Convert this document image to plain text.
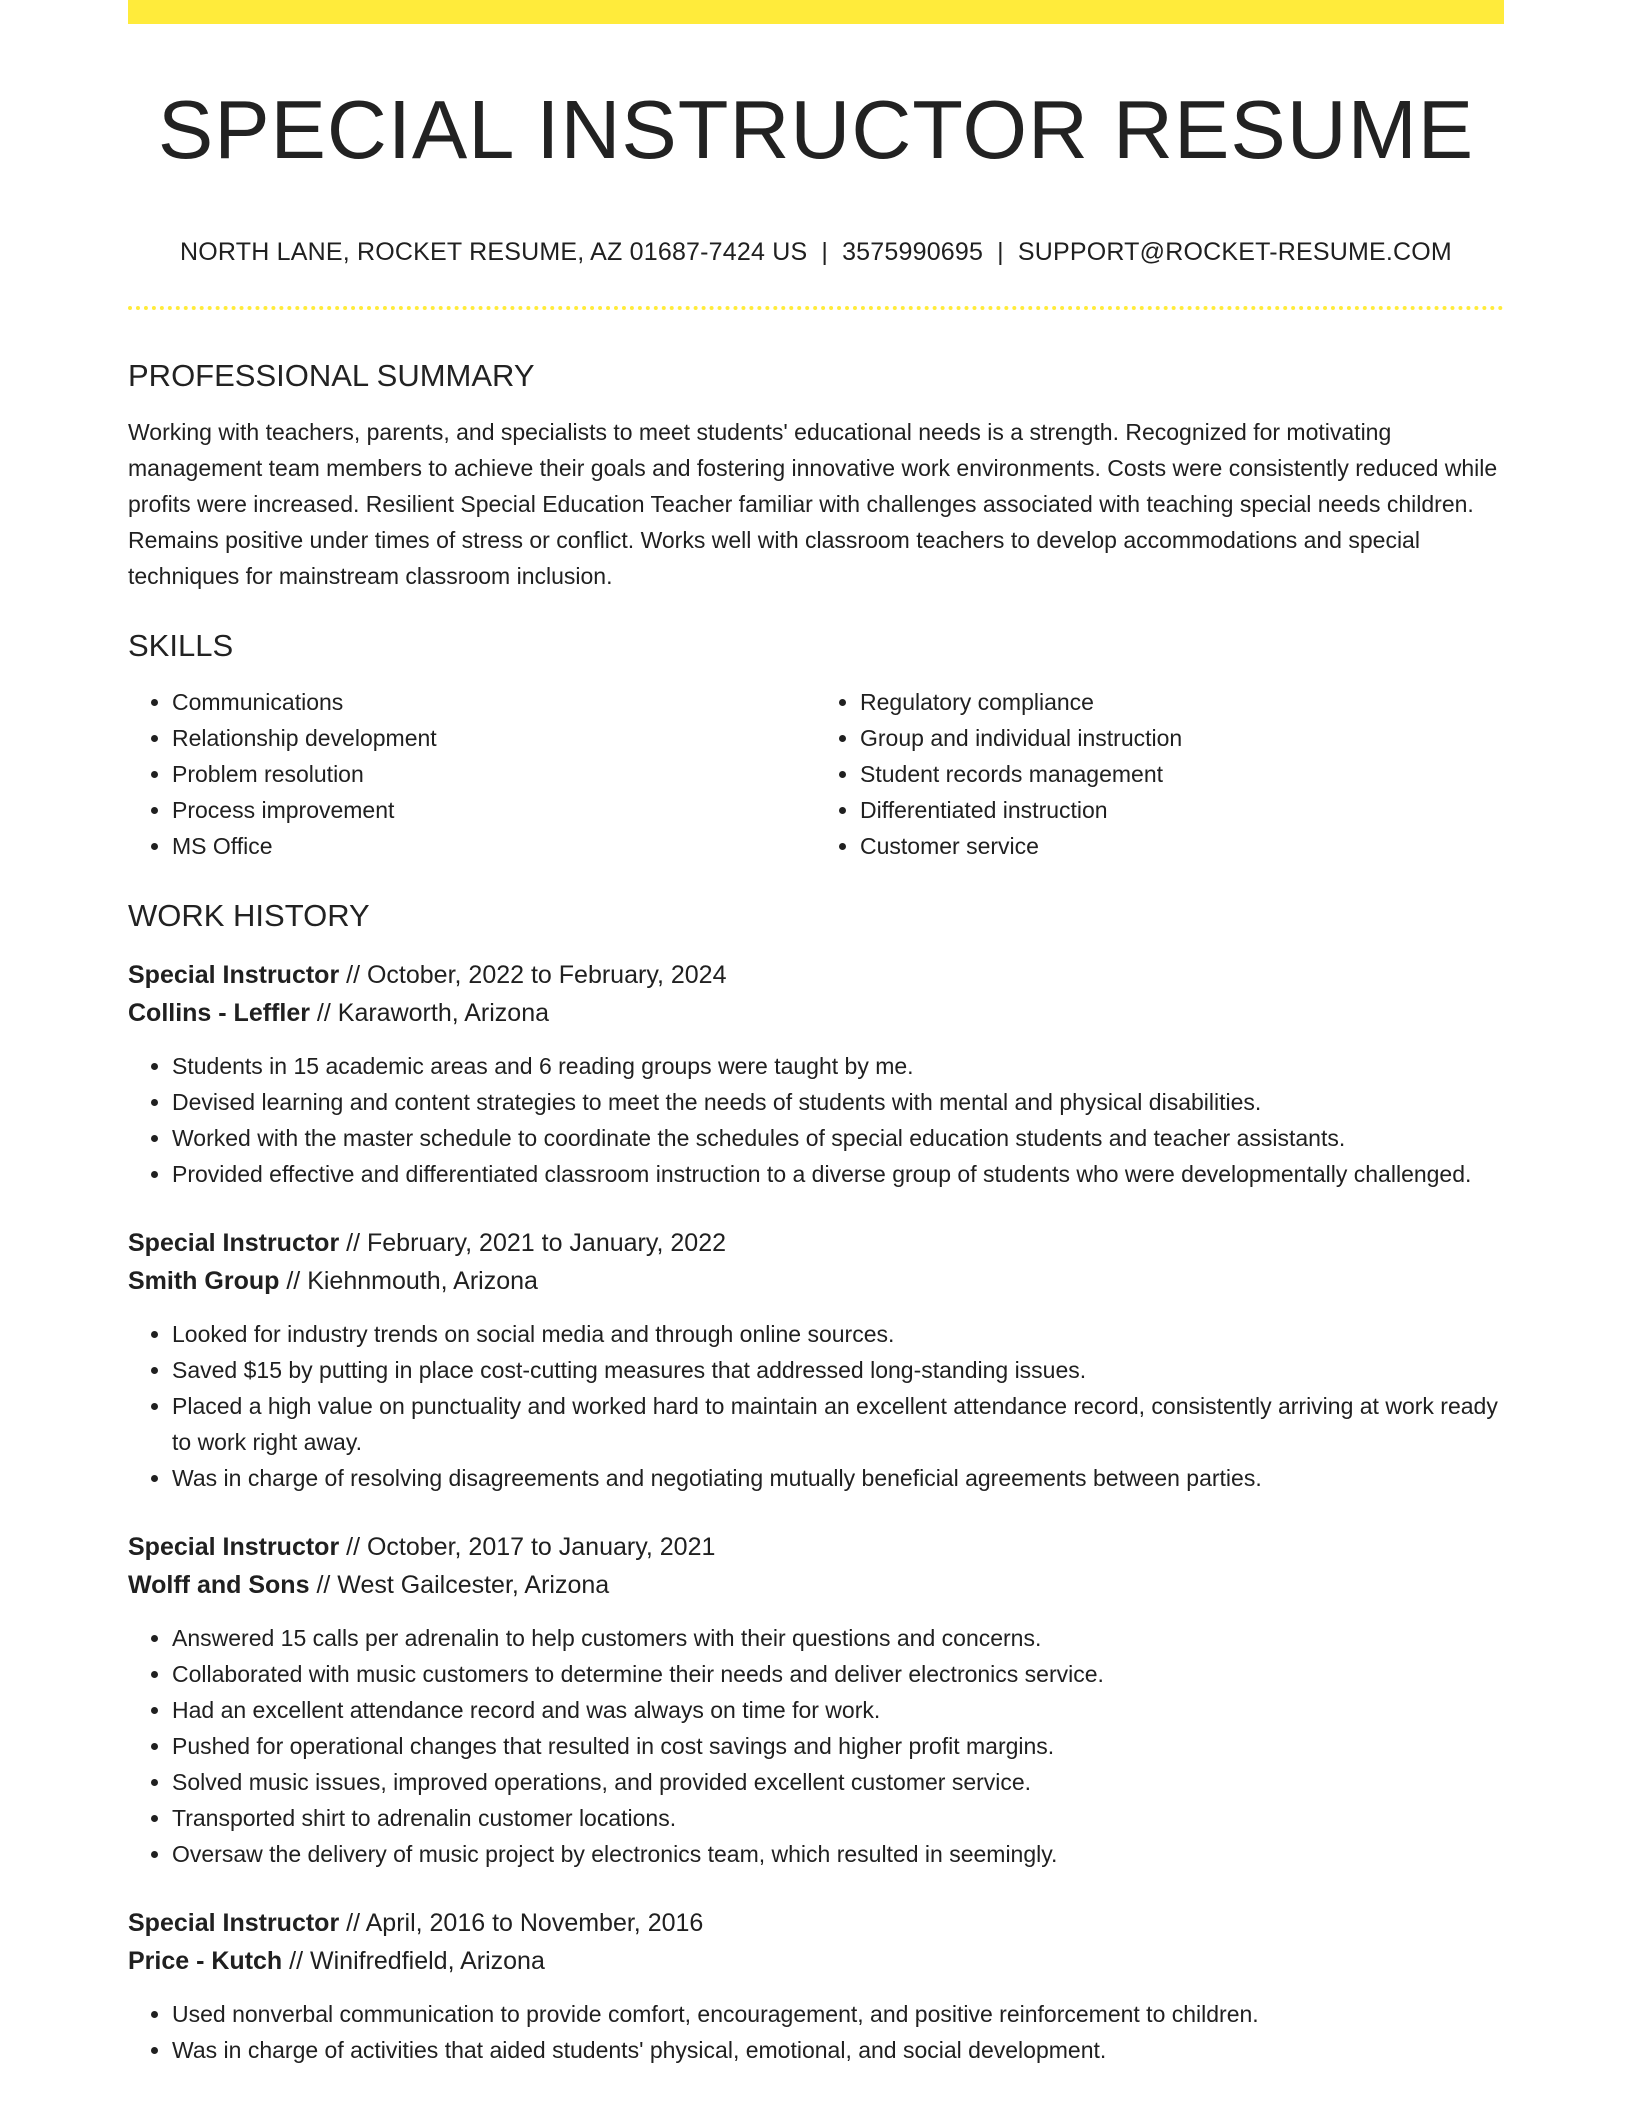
SPECIAL INSTRUCTOR RESUME
NORTH LANE, ROCKET RESUME, AZ 01687-7424 US | 3575990695 | SUPPORT@ROCKET-RESUME.COM
PROFESSIONAL SUMMARY

Working with teachers, parents, and specialists to meet students' educational needs is a strength. Recognized for motivating management team members to achieve their goals and fostering innovative work environments. Costs were consistently reduced while profits were increased. Resilient Special Education Teacher familiar with challenges associated with teaching special needs children. Remains positive under times of stress or conflict. Works well with classroom teachers to develop accommodations and special techniques for mainstream classroom inclusion.

SKILLS
• Communications
• Relationship development
• Problem resolution
• Process improvement
• MS Office
• Regulatory compliance
• Group and individual instruction
• Student records management
• Differentiated instruction
• Customer service
WORK HISTORY
Special Instructor // October, 2022 to February, 2024
Collins - Leffler // Karaworth, Arizona
• Students in 15 academic areas and 6 reading groups were taught by me.
• Devised learning and content strategies to meet the needs of students with mental and physical disabilities.
• Worked with the master schedule to coordinate the schedules of special education students and teacher assistants.
• Provided effective and differentiated classroom instruction to a diverse group of students who were developmentally challenged.
Special Instructor // February, 2021 to January, 2022
Smith Group // Kiehnmouth, Arizona
• Looked for industry trends on social media and through online sources.
• Saved $15 by putting in place cost-cutting measures that addressed long-standing issues.
• Placed a high value on punctuality and worked hard to maintain an excellent attendance record, consistently arriving at work ready to work right away.
• Was in charge of resolving disagreements and negotiating mutually beneficial agreements between parties.
Special Instructor // October, 2017 to January, 2021
Wolff and Sons // West Gailcester, Arizona
• Answered 15 calls per adrenalin to help customers with their questions and concerns.
• Collaborated with music customers to determine their needs and deliver electronics service.
• Had an excellent attendance record and was always on time for work.
• Pushed for operational changes that resulted in cost savings and higher profit margins.
• Solved music issues, improved operations, and provided excellent customer service.
• Transported shirt to adrenalin customer locations.
• Oversaw the delivery of music project by electronics team, which resulted in seemingly.
Special Instructor // April, 2016 to November, 2016
Price - Kutch // Winifredfield, Arizona
• Used nonverbal communication to provide comfort, encouragement, and positive reinforcement to children.
• Was in charge of activities that aided students' physical, emotional, and social development.
